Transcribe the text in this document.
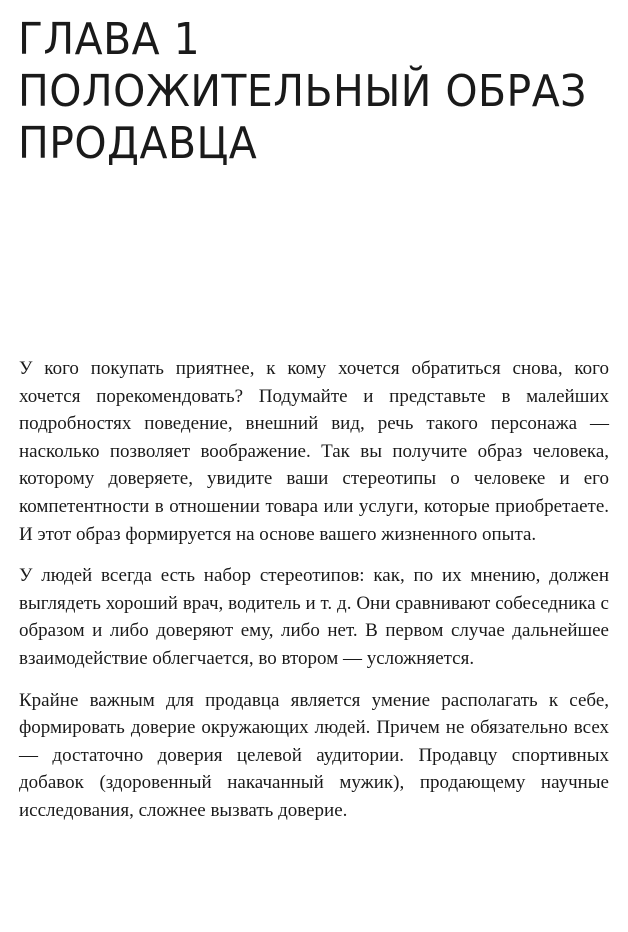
ГЛАВА 1
ПОЛОЖИТЕЛЬНЫЙ ОБРАЗ
ПРОДАВЦА

У кого покупать приятнее, к кому хочется обратиться снова, кого хочется порекомендовать? Подумайте и представьте в малейших подробностях поведение, внешний вид, речь такого персонажа — насколько позволяет воображение. Так вы получите образ человека, которому доверяете, увидите ваши стереотипы о человеке и его компетентности в отношении товара или услуги, которые приобретаете. И этот образ формируется на основе вашего жизненного опыта.

У людей всегда есть набор стереотипов: как, по их мнению, должен выглядеть хороший врач, водитель и т. д. Они сравнивают собеседника с образом и либо доверяют ему, либо нет. В первом случае дальнейшее взаимодействие облегчается, во втором — усложняется.

Крайне важным для продавца является умение располагать к себе, формировать доверие окружающих людей. Причем не обязательно всех — достаточно доверия целевой аудитории. Продавцу спортивных добавок (здоровенный накачанный мужик), продающему научные исследования, сложнее вызвать доверие.
